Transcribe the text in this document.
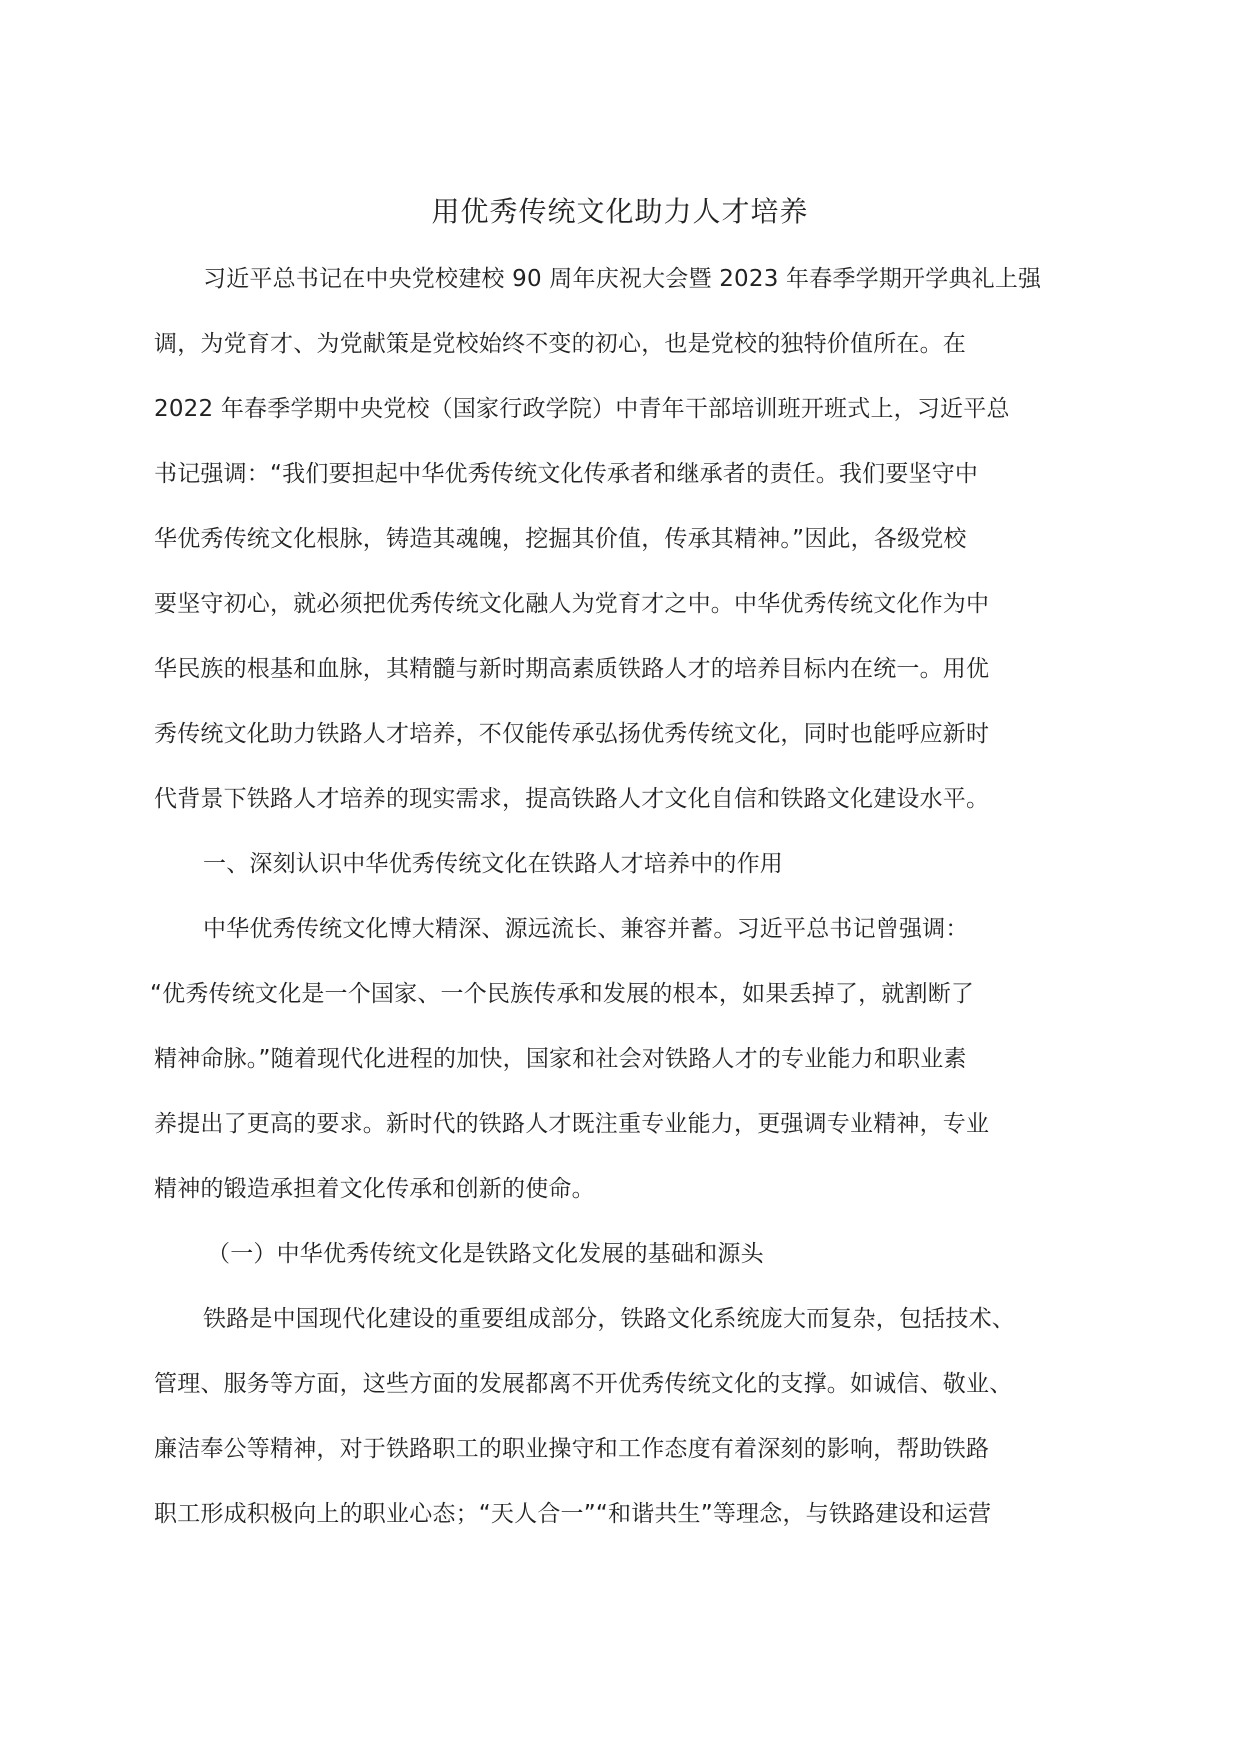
用优秀传统文化助力人才培养
习近平总书记在中央党校建校 90 周年庆祝大会暨 2023 年春季学期开学典礼上强
调，为党育才、为党献策是党校始终不变的初心，也是党校的独特价值所在。在
2022 年春季学期中央党校（国家行政学院）中青年干部培训班开班式上，习近平总
书记强调：“我们要担起中华优秀传统文化传承者和继承者的责任。我们要坚守中
华优秀传统文化根脉，铸造其魂魄，挖掘其价值，传承其精神。”因此，各级党校
要坚守初心，就必须把优秀传统文化融人为党育才之中。中华优秀传统文化作为中
华民族的根基和血脉，其精髓与新时期高素质铁路人才的培养目标内在统一。用优
秀传统文化助力铁路人才培养，不仅能传承弘扬优秀传统文化，同时也能呼应新时
代背景下铁路人才培养的现实需求，提高铁路人才文化自信和铁路文化建设水平。
一、深刻认识中华优秀传统文化在铁路人才培养中的作用
中华优秀传统文化博大精深、源远流长、兼容并蓄。习近平总书记曾强调：
“优秀传统文化是一个国家、一个民族传承和发展的根本，如果丢掉了，就割断了
精神命脉。”随着现代化进程的加快，国家和社会对铁路人才的专业能力和职业素
养提出了更高的要求。新时代的铁路人才既注重专业能力，更强调专业精神，专业
精神的锻造承担着文化传承和创新的使命。
（一）中华优秀传统文化是铁路文化发展的基础和源头
铁路是中国现代化建设的重要组成部分，铁路文化系统庞大而复杂，包括技术、
管理、服务等方面，这些方面的发展都离不开优秀传统文化的支撑。如诚信、敬业、
廉洁奉公等精神，对于铁路职工的职业操守和工作态度有着深刻的影响，帮助铁路
职工形成积极向上的职业心态；“天人合一”“和谐共生”等理念，与铁路建设和运营
